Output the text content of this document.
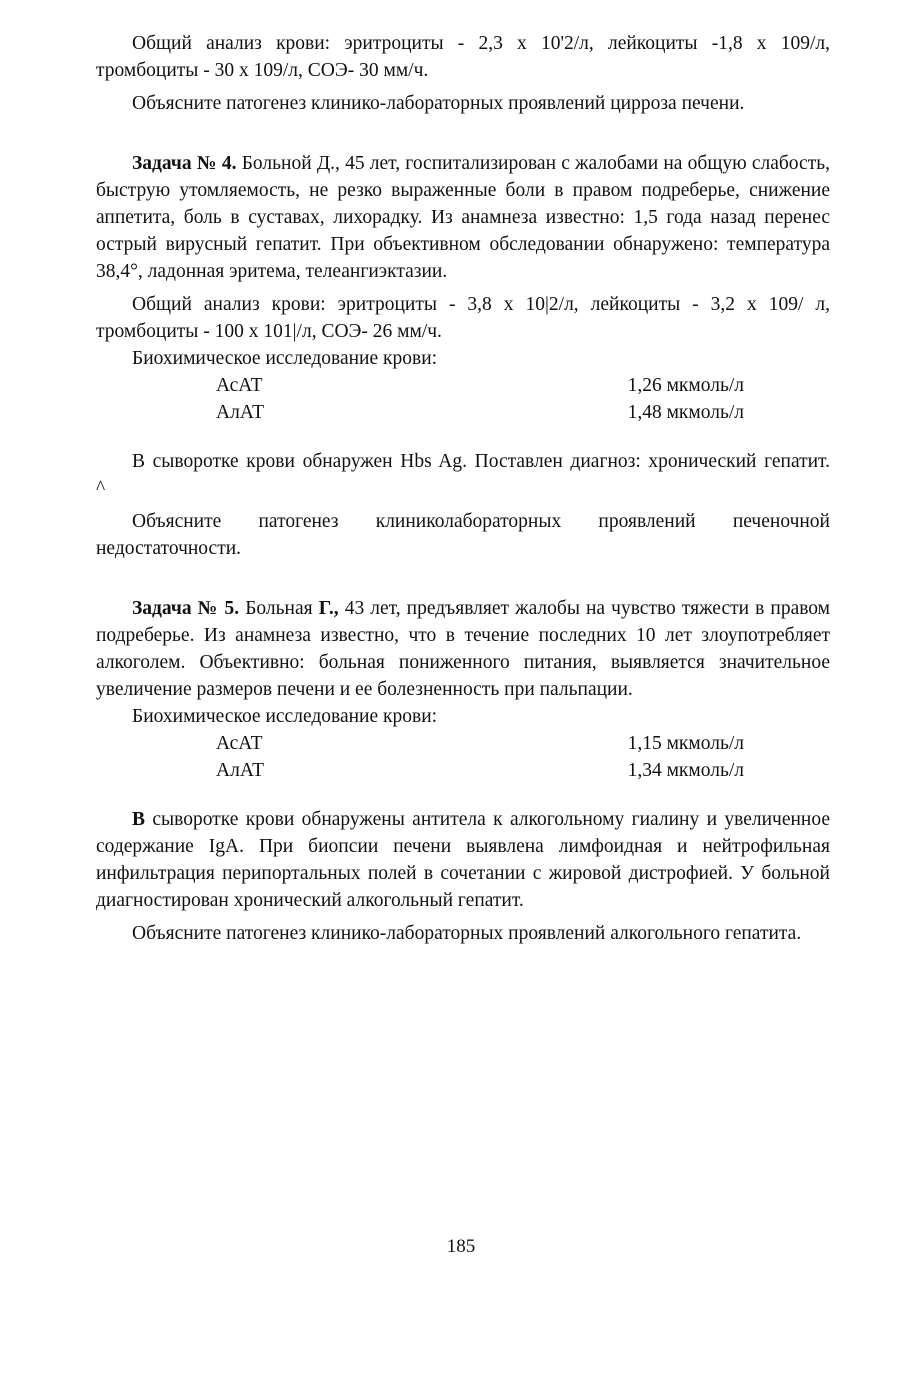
Общий анализ крови: эритроциты - 2,3 х 10'2/л, лейкоциты -1,8 х 109/л, тромбоциты - 30 х 109/л, СОЭ- 30 мм/ч.

Объясните патогенез клинико-лабораторных проявлений цирроза печени.

Задача № 4. Больной Д., 45 лет, госпитализирован с жалобами на общую слабость, быструю утомляемость, не резко выраженные боли в правом подреберье, снижение аппетита, боль в суставах, лихорадку. Из анамнеза известно: 1,5 года назад перенес острый вирусный гепатит. При объективном обследовании обнаружено: температура 38,4°, ладонная эритема, телеангиэктазии.

Общий анализ крови: эритроциты - 3,8 х 10|2/л, лейкоциты - 3,2 х 109/ л, тромбоциты - 100 х 101|/л, СОЭ- 26 мм/ч.

Биохимическое исследование крови:

АсАТ	1,26 мкмоль/л
АлАТ	1,48 мкмоль/л

В сыворотке крови обнаружен Hbs Ag. Поставлен диагноз: хронический гепатит.     ^

Объясните патогенез клиниколабораторных проявлений печеночной недостаточности.

Задача № 5. Больная Г., 43 лет, предъявляет жалобы на чувство тяжести в правом подреберье. Из анамнеза известно, что в течение последних 10 лет злоупотребляет алкоголем. Объективно: больная пониженного питания, выявляется значительное увеличение размеров печени и ее болезненность при пальпации.

Биохимическое исследование крови:

АсАТ	1,15 мкмоль/л
АлАТ	1,34 мкмоль/л

В сыворотке крови обнаружены антитела к алкогольному гиалину и увеличенное содержание IgA. При биопсии печени выявлена лимфоидная и нейтрофильная инфильтрация перипортальных полей в сочетании с жировой дистрофией. У больной диагностирован хронический алкогольный гепатит.

Объясните патогенез клинико-лабораторных проявлений алкогольного гепатита.

185
